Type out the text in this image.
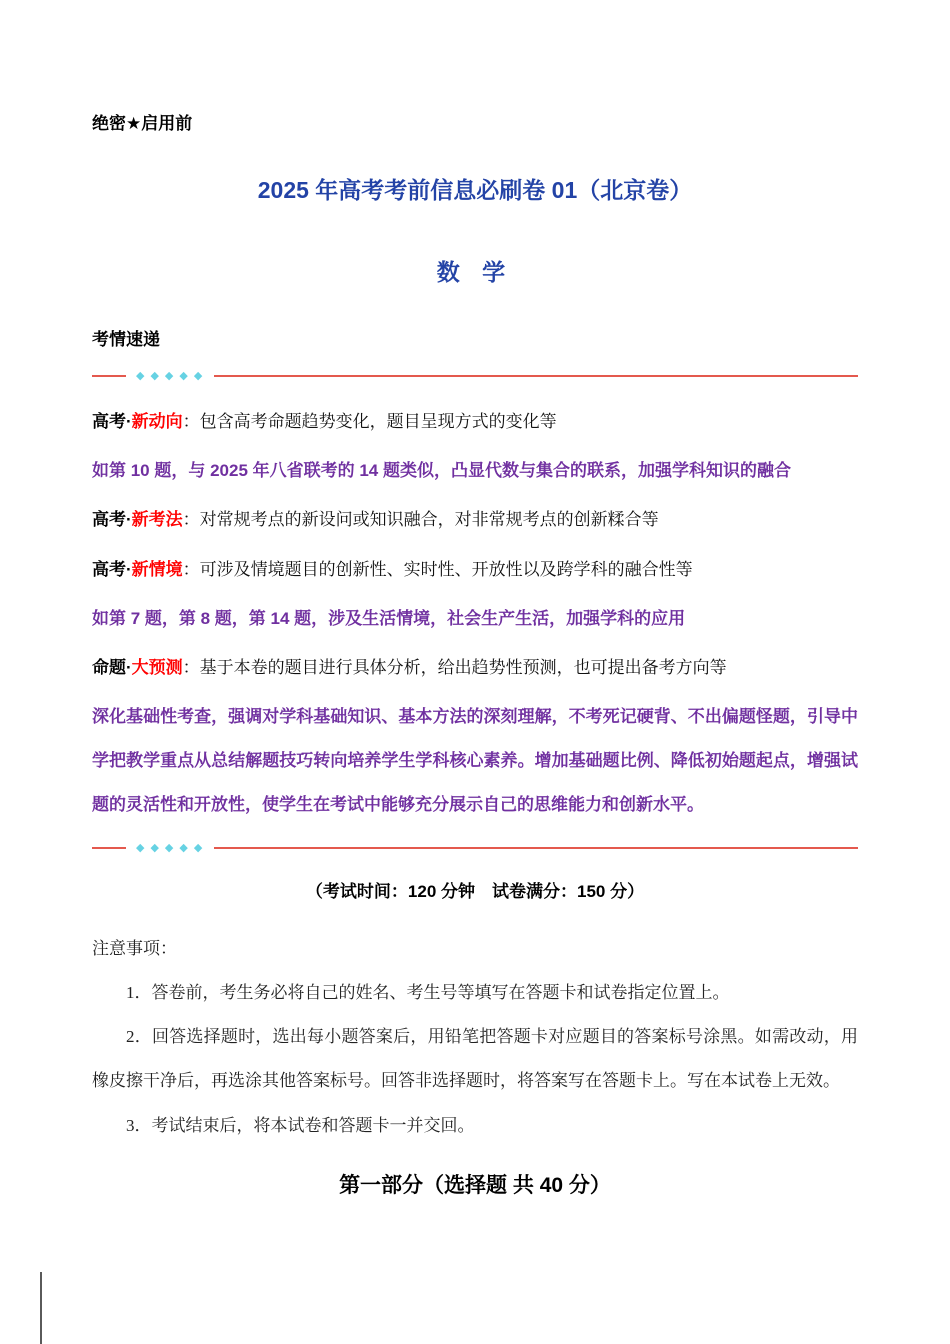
绝密★启用前

2025 年高考考前信息必刷卷 01（北京卷）
数 学
考情速递
◆◆◆◆◆

高考·新动向：包含高考命题趋势变化，题目呈现方式的变化等

如第 10 题，与 2025 年八省联考的 14 题类似，凸显代数与集合的联系，加强学科知识的融合

高考·新考法：对常规考点的新设问或知识融合，对非常规考点的创新糅合等

高考·新情境：可涉及情境题目的创新性、实时性、开放性以及跨学科的融合性等

如第 7 题，第 8 题，第 14 题，涉及生活情境，社会生产生活，加强学科的应用

命题·大预测：基于本卷的题目进行具体分析，给出趋势性预测，也可提出备考方向等

深化基础性考查，强调对学科基础知识、基本方法的深刻理解，不考死记硬背、不出偏题怪题，引导中学把教学重点从总结解题技巧转向培养学生学科核心素养。增加基础题比例、降低初始题起点，增强试题的灵活性和开放性，使学生在考试中能够充分展示自己的思维能力和创新水平。

◆◆◆◆◆

（考试时间：120 分钟　试卷满分：150 分）

注意事项：

1．答卷前，考生务必将自己的姓名、考生号等填写在答题卡和试卷指定位置上。

2．回答选择题时，选出每小题答案后，用铅笔把答题卡对应题目的答案标号涂黑。如需改动，用橡皮擦干净后，再选涂其他答案标号。回答非选择题时，将答案写在答题卡上。写在本试卷上无效。

3．考试结束后，将本试卷和答题卡一并交回。

第一部分（选择题 共 40 分）
